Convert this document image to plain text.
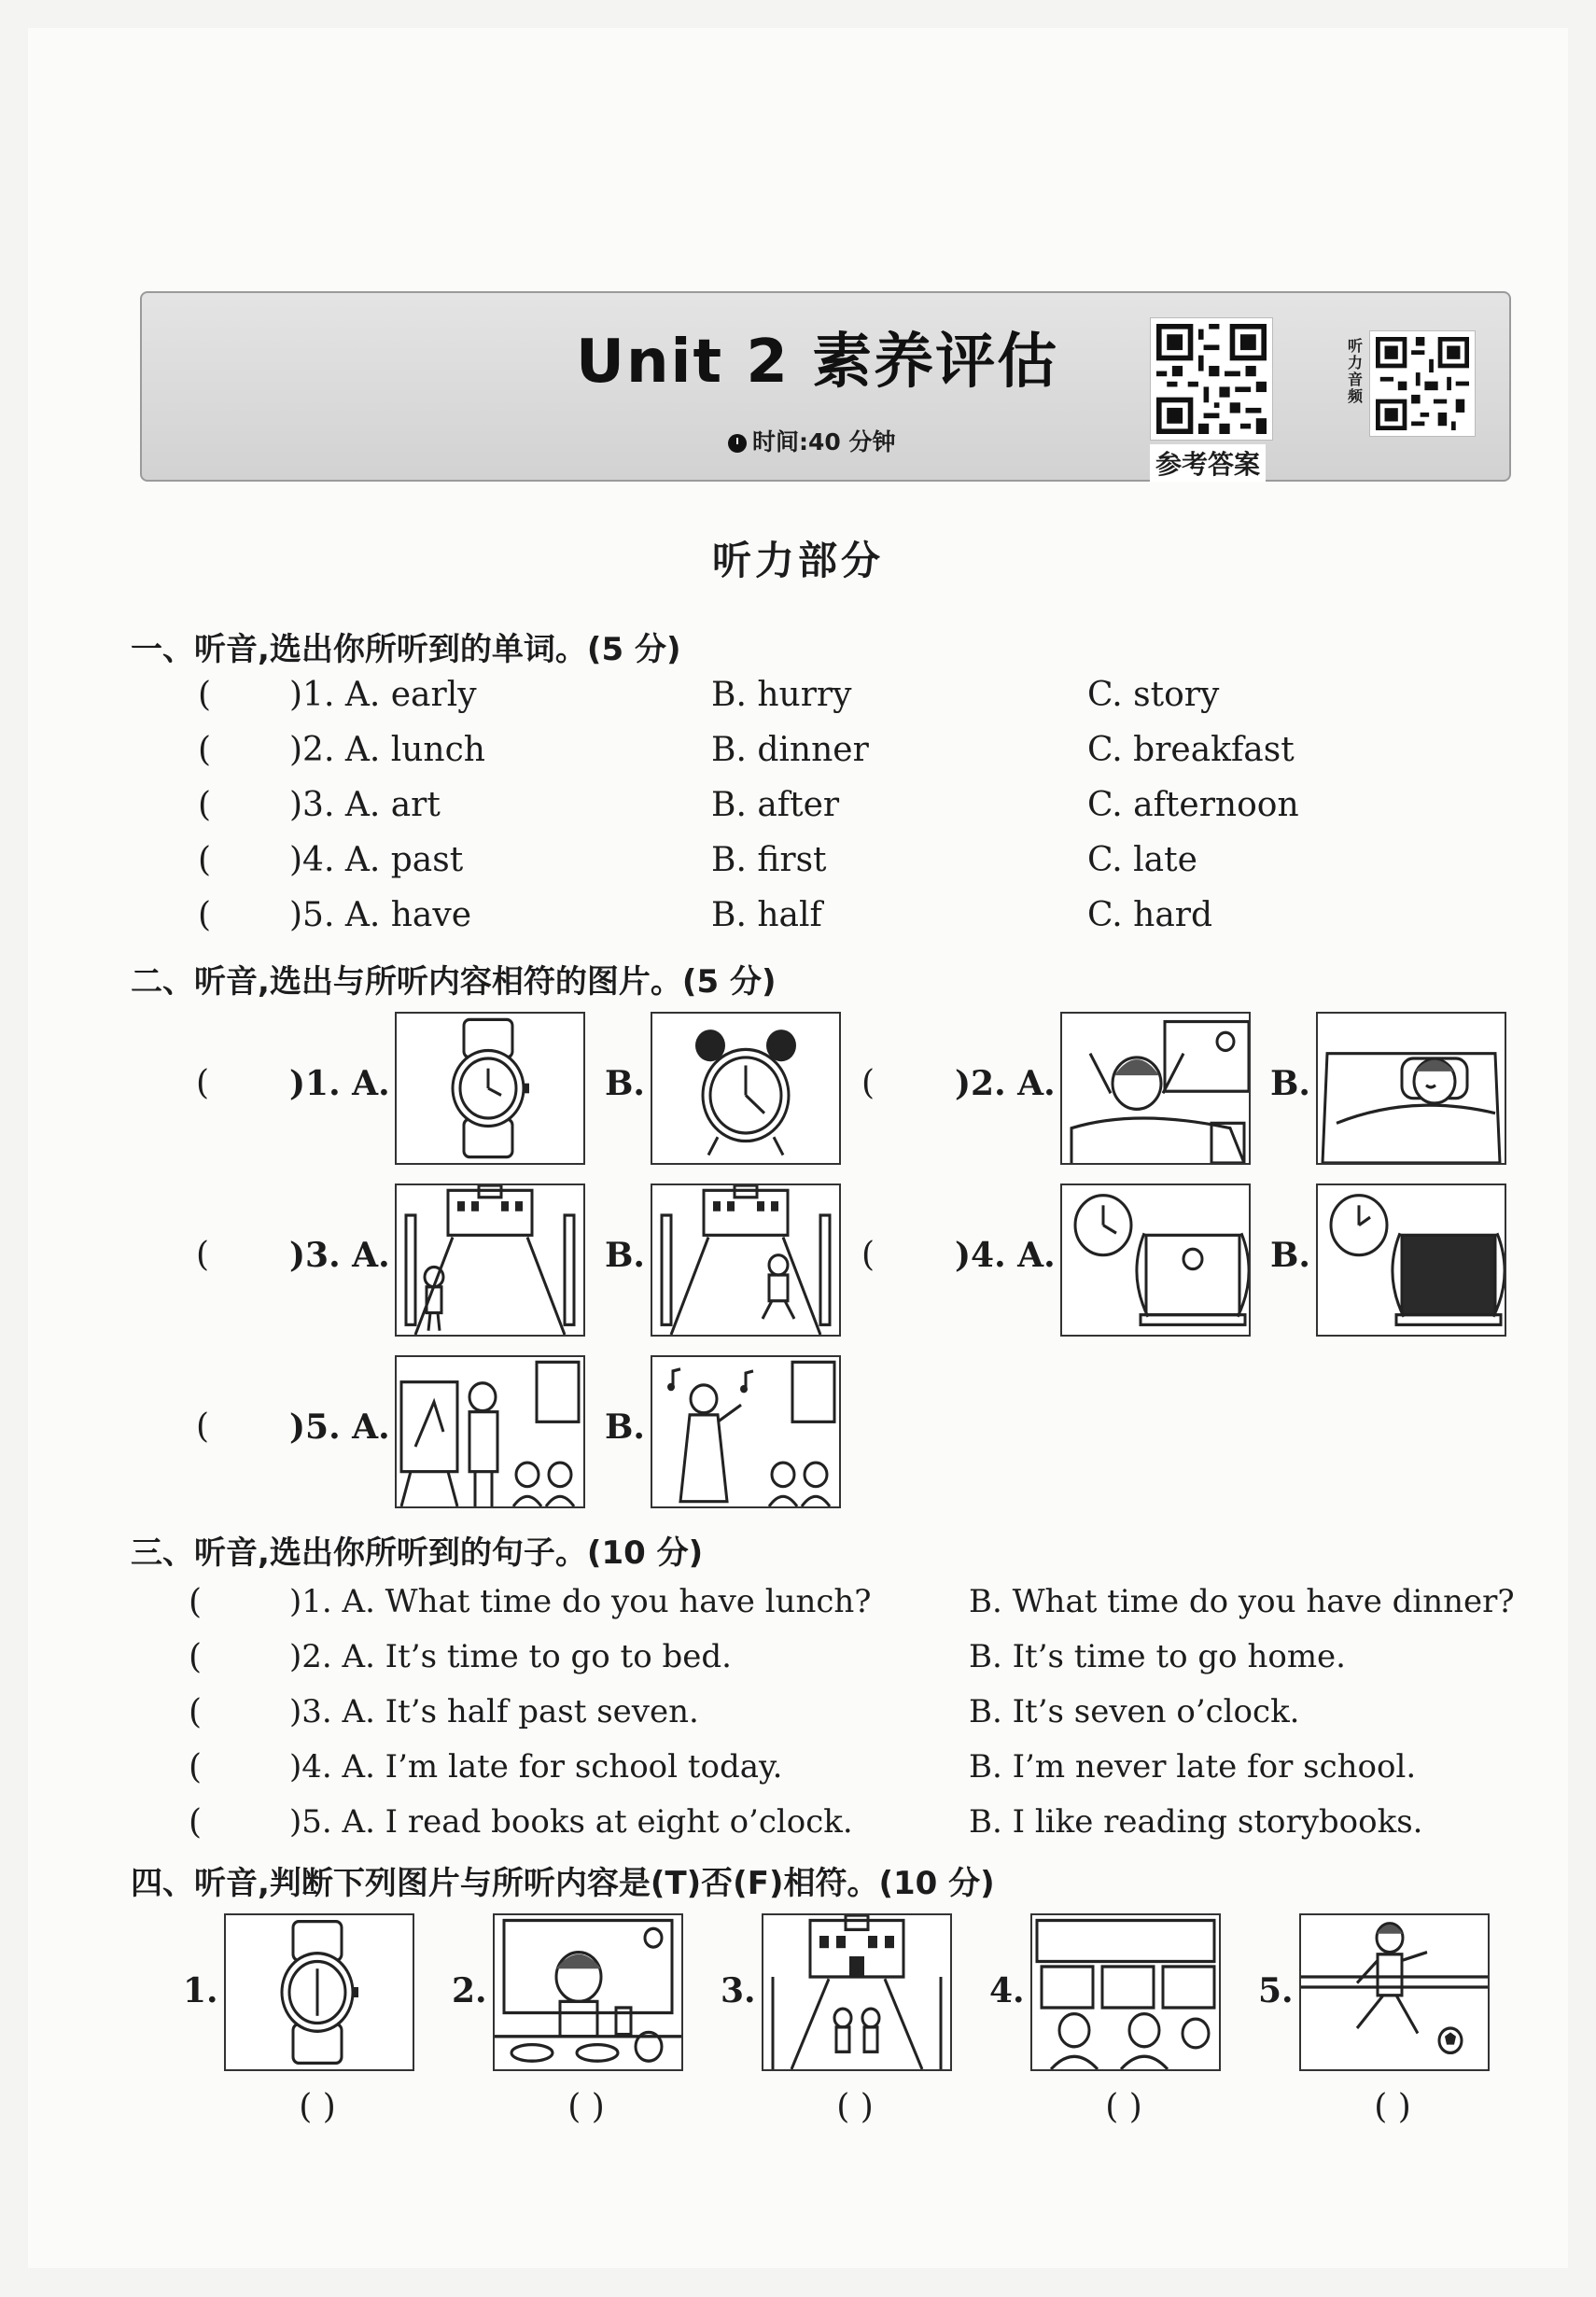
Unit 2 素养评估
时间:40 分钟
参考答案
听力音频
听力部分
一、听音,选出你所听到的单词。(5 分)
( )1. A. early	B. hurry	C. story
( )2. A. lunch	B. dinner	C. breakfast
( )3. A. art	B. after	C. afternoon
( )4. A. past	B. first	C. late
( )5. A. have	B. half	C. hard
二、听音,选出与所听内容相符的图片。(5 分)
( )1. A.	B.	( )2. A.	B.
( )3. A.	B.	( )4. A.	B.
( )5. A.	B.
三、听音,选出你所听到的句子。(10 分)
(	)1. A. What time do you have lunch?	B. What time do you have dinner?
(	)2. A. It’s time to go to bed.	B. It’s time to go home.
(	)3. A. It’s half past seven.	B. It’s seven o’clock.
(	)4. A. I’m late for school today.	B. I’m never late for school.
(	)5. A. I read books at eight o’clock.	B. I like reading storybooks.
四、听音,判断下列图片与所听内容是(T)否(F)相符。(10 分)
1.
( )
2.
( )
3.
( )
4.
( )
5.
( )
